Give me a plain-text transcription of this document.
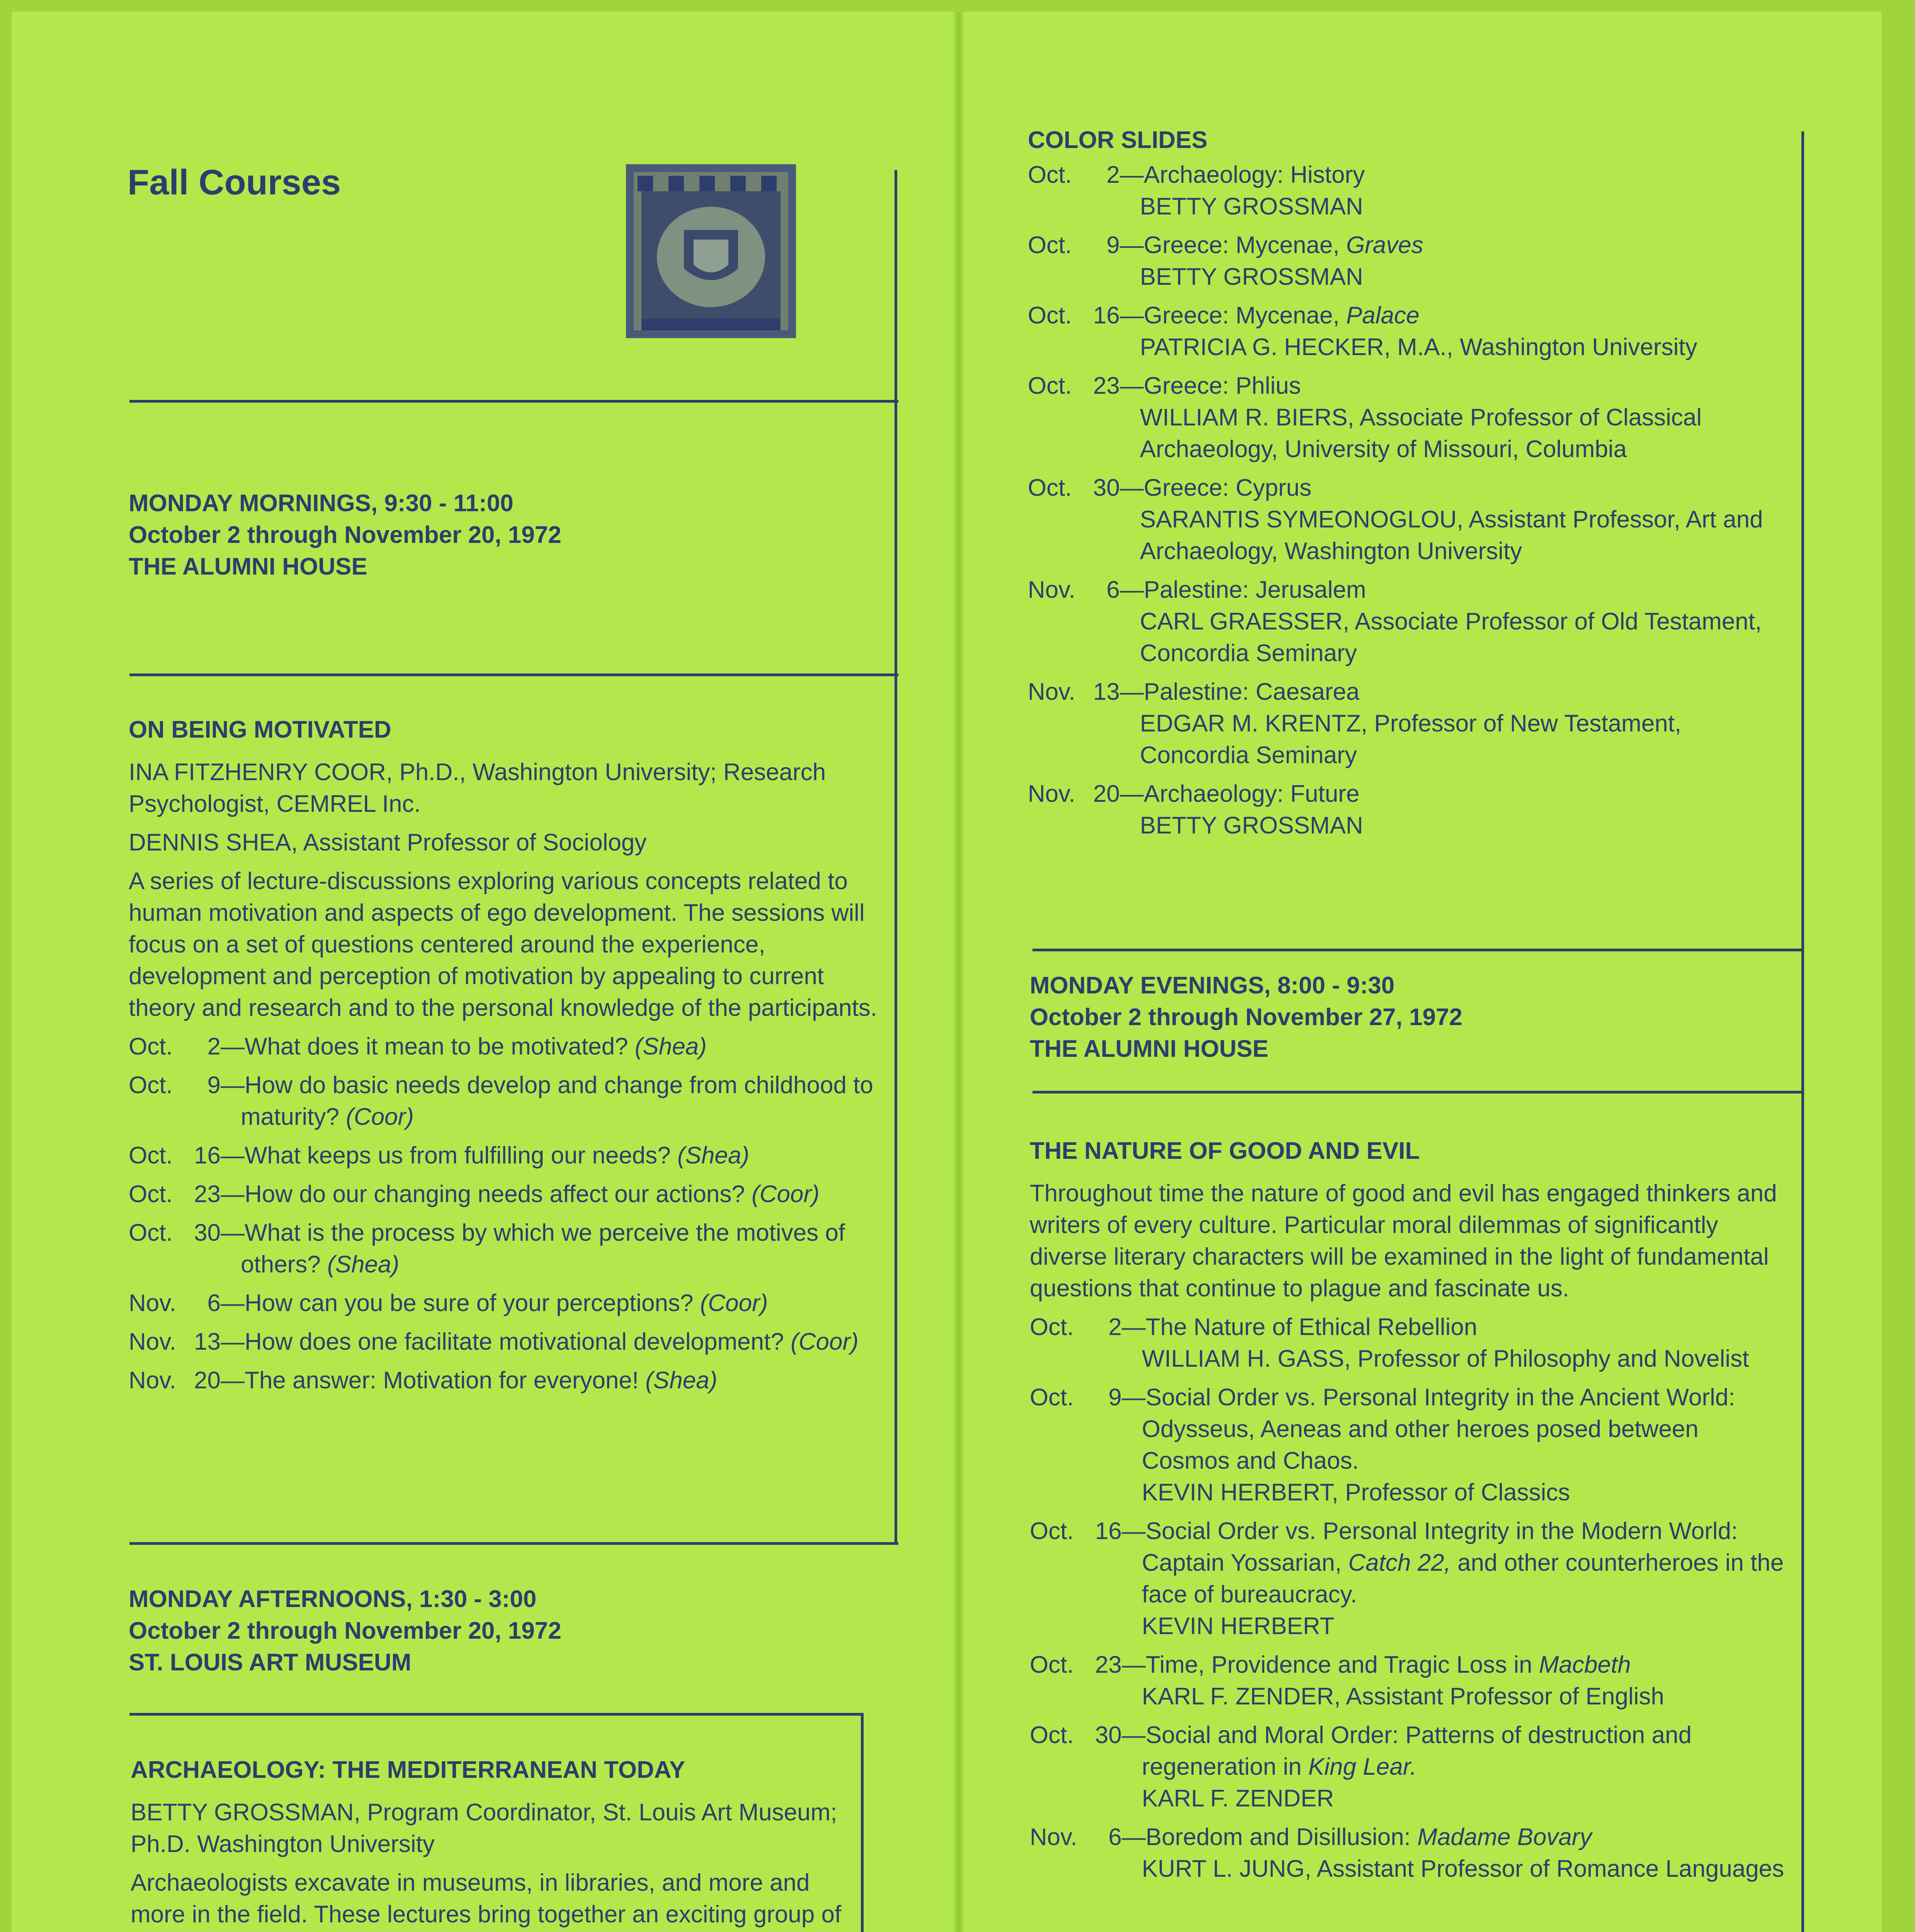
Fall Courses
MONDAY MORNINGS, 9:30 - 11:00
October 2 through November 20, 1972
THE ALUMNI HOUSE
ON BEING MOTIVATED

INA FITZHENRY COOR, Ph.D., Washington University; Research Psychologist, CEMREL Inc.

DENNIS SHEA, Assistant Professor of Sociology

A series of lecture-discussions exploring various concepts related to human motivation and aspects of ego development. The sessions will focus on a set of questions centered around the experience, development and perception of motivation by appealing to current theory and research and to the personal knowledge of the participants.

Oct. 2—What does it mean to be motivated? (Shea)
Oct. 9—How do basic needs develop and change from childhood to maturity? (Coor)
Oct. 16—What keeps us from fulfilling our needs? (Shea)
Oct. 23—How do our changing needs affect our actions? (Coor)
Oct. 30—What is the process by which we perceive the motives of others? (Shea)
Nov. 6—How can you be sure of your perceptions? (Coor)
Nov. 13—How does one facilitate motivational development? (Coor)
Nov. 20—The answer: Motivation for everyone! (Shea)
MONDAY AFTERNOONS, 1:30 - 3:00
October 2 through November 20, 1972
ST. LOUIS ART MUSEUM
ARCHAEOLOGY: THE MEDITERRANEAN TODAY

BETTY GROSSMAN, Program Coordinator, St. Louis Art Museum; Ph.D. Washington University

Archaeologists excavate in museums, in libraries, and more and more in the field. These lectures bring together an exciting group of

COLOR SLIDES
Oct. 2—Archaeology: History
BETTY GROSSMAN
Oct. 9—Greece: Mycenae, Graves
BETTY GROSSMAN
Oct. 16—Greece: Mycenae, Palace
PATRICIA G. HECKER, M.A., Washington University
Oct. 23—Greece: Phlius
WILLIAM R. BIERS, Associate Professor of Classical Archaeology, University of Missouri, Columbia
Oct. 30—Greece: Cyprus
SARANTIS SYMEONOGLOU, Assistant Professor, Art and Archaeology, Washington University
Nov. 6—Palestine: Jerusalem
CARL GRAESSER, Associate Professor of Old Testament, Concordia Seminary
Nov. 13—Palestine: Caesarea
EDGAR M. KRENTZ, Professor of New Testament, Concordia Seminary
Nov. 20—Archaeology: Future
BETTY GROSSMAN
MONDAY EVENINGS, 8:00 - 9:30
October 2 through November 27, 1972
THE ALUMNI HOUSE
THE NATURE OF GOOD AND EVIL

Throughout time the nature of good and evil has engaged thinkers and writers of every culture. Particular moral dilemmas of significantly diverse literary characters will be examined in the light of fundamental questions that continue to plague and fascinate us.

Oct. 2—The Nature of Ethical Rebellion
WILLIAM H. GASS, Professor of Philosophy and Novelist
Oct. 9—Social Order vs. Personal Integrity in the Ancient World: Odysseus, Aeneas and other heroes posed between Cosmos and Chaos.
KEVIN HERBERT, Professor of Classics
Oct. 16—Social Order vs. Personal Integrity in the Modern World: Captain Yossarian, Catch 22, and other counterheroes in the face of bureaucracy.
KEVIN HERBERT
Oct. 23—Time, Providence and Tragic Loss in Macbeth
KARL F. ZENDER, Assistant Professor of English
Oct. 30—Social and Moral Order: Patterns of destruction and regeneration in King Lear.
KARL F. ZENDER
Nov. 6—Boredom and Disillusion: Madame Bovary
KURT L. JUNG, Assistant Professor of Romance Languages
